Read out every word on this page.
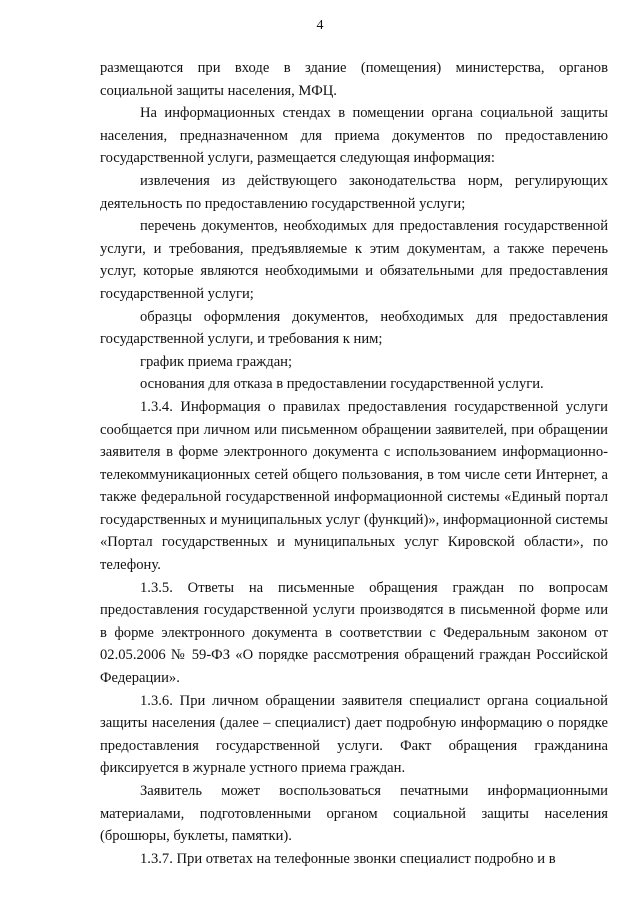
4

размещаются при входе в здание (помещения) министерства, органов социальной защиты населения, МФЦ.

На информационных стендах в помещении органа социальной защиты населения, предназначенном для приема документов по предоставлению государственной услуги, размещается следующая информация:

извлечения из действующего законодательства норм, регулирующих деятельность по предоставлению государственной услуги;

перечень документов, необходимых для предоставления государственной услуги, и требования, предъявляемые к этим документам, а также перечень услуг, которые являются необходимыми и обязательными для предоставления государственной услуги;

образцы оформления документов, необходимых для предоставления государственной услуги, и требования к ним;

график приема граждан;

основания для отказа в предоставлении государственной услуги.

1.3.4. Информация о правилах предоставления государственной услуги сообщается при личном или письменном обращении заявителей, при обращении заявителя в форме электронного документа с использованием информационно-телекоммуникационных сетей общего пользования, в том числе сети Интернет, а также федеральной государственной информационной системы «Единый портал государственных и муниципальных услуг (функций)», информационной системы «Портал государственных и муниципальных услуг Кировской области», по телефону.

1.3.5. Ответы на письменные обращения граждан по вопросам предоставления государственной услуги производятся в письменной форме или в форме электронного документа в соответствии с Федеральным законом от 02.05.2006 № 59-ФЗ «О порядке рассмотрения обращений граждан Российской Федерации».

1.3.6. При личном обращении заявителя специалист органа социальной защиты населения (далее – специалист) дает подробную информацию о порядке предоставления государственной услуги. Факт обращения гражданина фиксируется в журнале устного приема граждан.

Заявитель может воспользоваться печатными информационными материалами, подготовленными органом социальной защиты населения (брошюры, буклеты, памятки).

1.3.7. При ответах на телефонные звонки специалист подробно и в
